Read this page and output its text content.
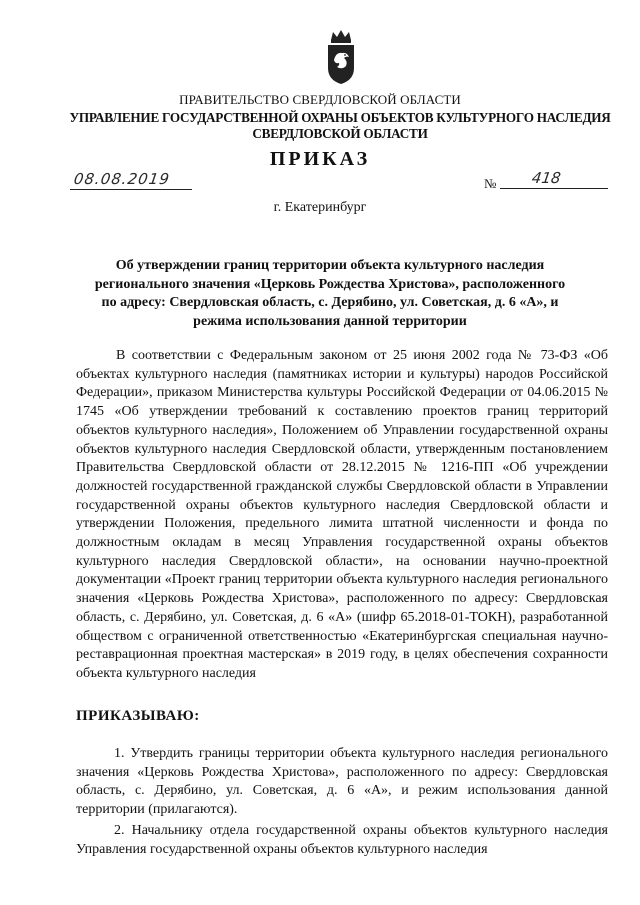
ПРАВИТЕЛЬСТВО СВЕРДЛОВСКОЙ ОБЛАСТИ
УПРАВЛЕНИЕ ГОСУДАРСТВЕННОЙ ОХРАНЫ ОБЪЕКТОВ КУЛЬТУРНОГО НАСЛЕДИЯ СВЕРДЛОВСКОЙ ОБЛАСТИ
ПРИКАЗ
08.08.2019	№ 418
г. Екатеринбург
Об утверждении границ территории объекта культурного наследия регионального значения «Церковь Рождества Христова», расположенного по адресу: Свердловская область, с. Дерябино, ул. Советская, д. 6 «А», и режима использования данной территории

В соответствии с Федеральным законом от 25 июня 2002 года № 73-ФЗ «Об объектах культурного наследия (памятниках истории и культуры) народов Российской Федерации», приказом Министерства культуры Российской Федерации от 04.06.2015 № 1745 «Об утверждении требований к составлению проектов границ территорий объектов культурного наследия», Положением об Управлении государственной охраны объектов культурного наследия Свердловской области, утвержденным постановлением Правительства Свердловской области от 28.12.2015 № 1216-ПП «Об учреждении должностей государственной гражданской службы Свердловской области в Управлении государственной охраны объектов культурного наследия Свердловской области и утверждении Положения, предельного лимита штатной численности и фонда по должностным окладам в месяц Управления государственной охраны объектов культурного наследия Свердловской области», на основании научно-проектной документации «Проект границ территории объекта культурного наследия регионального значения «Церковь Рождества Христова», расположенного по адресу: Свердловская область, с. Дерябино, ул. Советская, д. 6 «А» (шифр 65.2018-01-ТОКН), разработанной обществом с ограниченной ответственностью «Екатеринбургская специальная научно-реставрационная проектная мастерская» в 2019 году, в целях обеспечения сохранности объекта культурного наследия

ПРИКАЗЫВАЮ:

1. Утвердить границы территории объекта культурного наследия регионального значения «Церковь Рождества Христова», расположенного по адресу: Свердловская область, с. Дерябино, ул. Советская, д. 6 «А», и режим использования данной территории (прилагаются).

2. Начальнику отдела государственной охраны объектов культурного наследия Управления государственной охраны объектов культурного наследия
